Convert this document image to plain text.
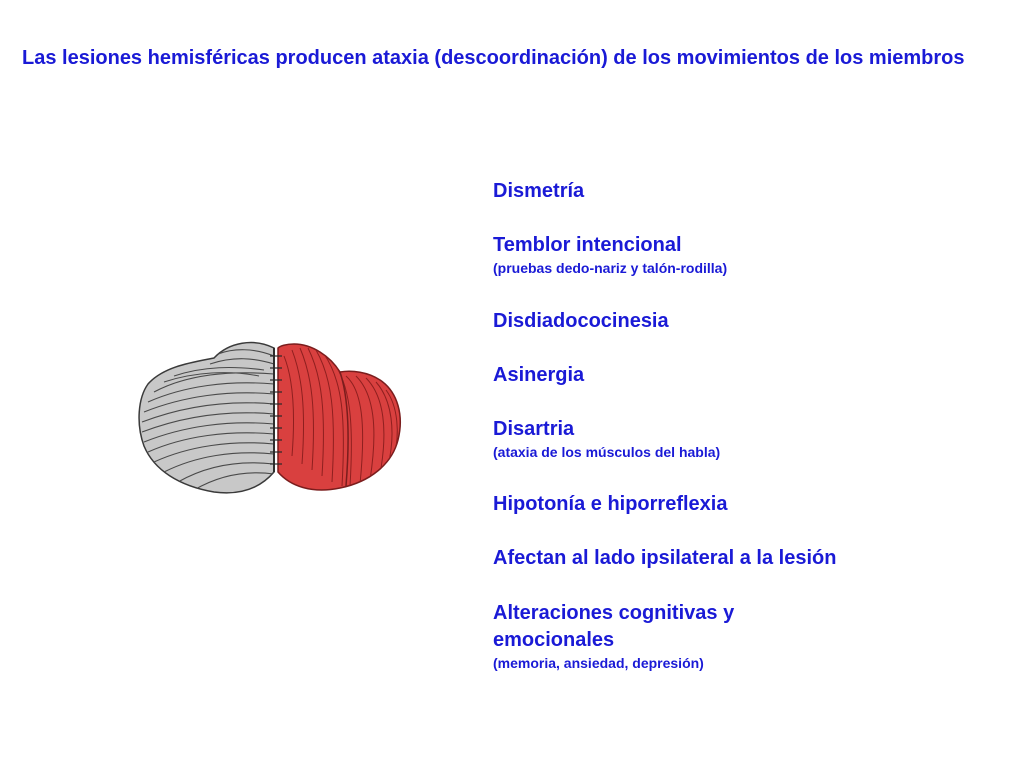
Las lesiones hemisféricas producen ataxia (descoordinación) de los movimientos de los miembros
Dismetría
Temblor intencional
(pruebas dedo-nariz y talón-rodilla)
Disdiadococinesia
Asinergia
Disartria
(ataxia de los músculos del habla)
Hipotonía e hiporreflexia
Afectan al lado ipsilateral a la lesión
Alteraciones cognitivas y emocionales
(memoria, ansiedad, depresión)
